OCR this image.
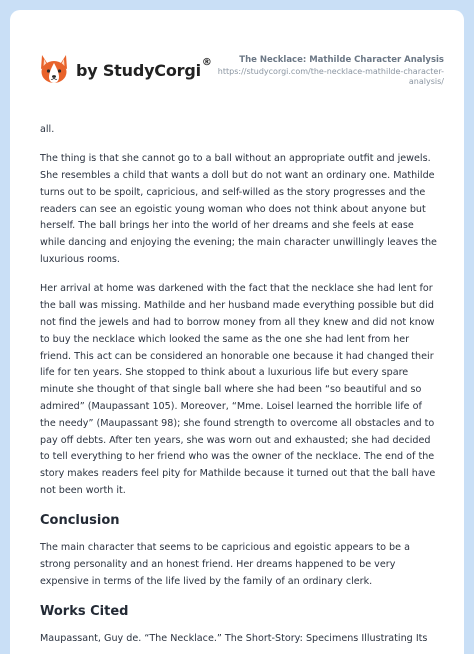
by StudyCorgi ®	The Necklace: Mathilde Character Analysis
https://studycorgi.com/the-necklace-mathilde-character-analysis/

all.

The thing is that she cannot go to a ball without an appropriate outfit and jewels. She resembles a child that wants a doll but do not want an ordinary one. Mathilde turns out to be spoilt, capricious, and self-willed as the story progresses and the readers can see an egoistic young woman who does not think about anyone but herself. The ball brings her into the world of her dreams and she feels at ease while dancing and enjoying the evening; the main character unwillingly leaves the luxurious rooms.

Her arrival at home was darkened with the fact that the necklace she had lent for the ball was missing. Mathilde and her husband made everything possible but did not find the jewels and had to borrow money from all they knew and did not know to buy the necklace which looked the same as the one she had lent from her friend. This act can be considered an honorable one because it had changed their life for ten years. She stopped to think about a luxurious life but every spare minute she thought of that single ball where she had been “so beautiful and so admired” (Maupassant 105). Moreover, “Mme. Loisel learned the horrible life of the needy” (Maupassant 98); she found strength to overcome all obstacles and to pay off debts. After ten years, she was worn out and exhausted; she had decided to tell everything to her friend who was the owner of the necklace. The end of the story makes readers feel pity for Mathilde because it turned out that the ball have not been worth it.

Conclusion

The main character that seems to be capricious and egoistic appears to be a strong personality and an honest friend. Her dreams happened to be very expensive in terms of the life lived by the family of an ordinary clerk.

Works Cited

Maupassant, Guy de. “The Necklace.” The Short-Story: Specimens Illustrating Its
